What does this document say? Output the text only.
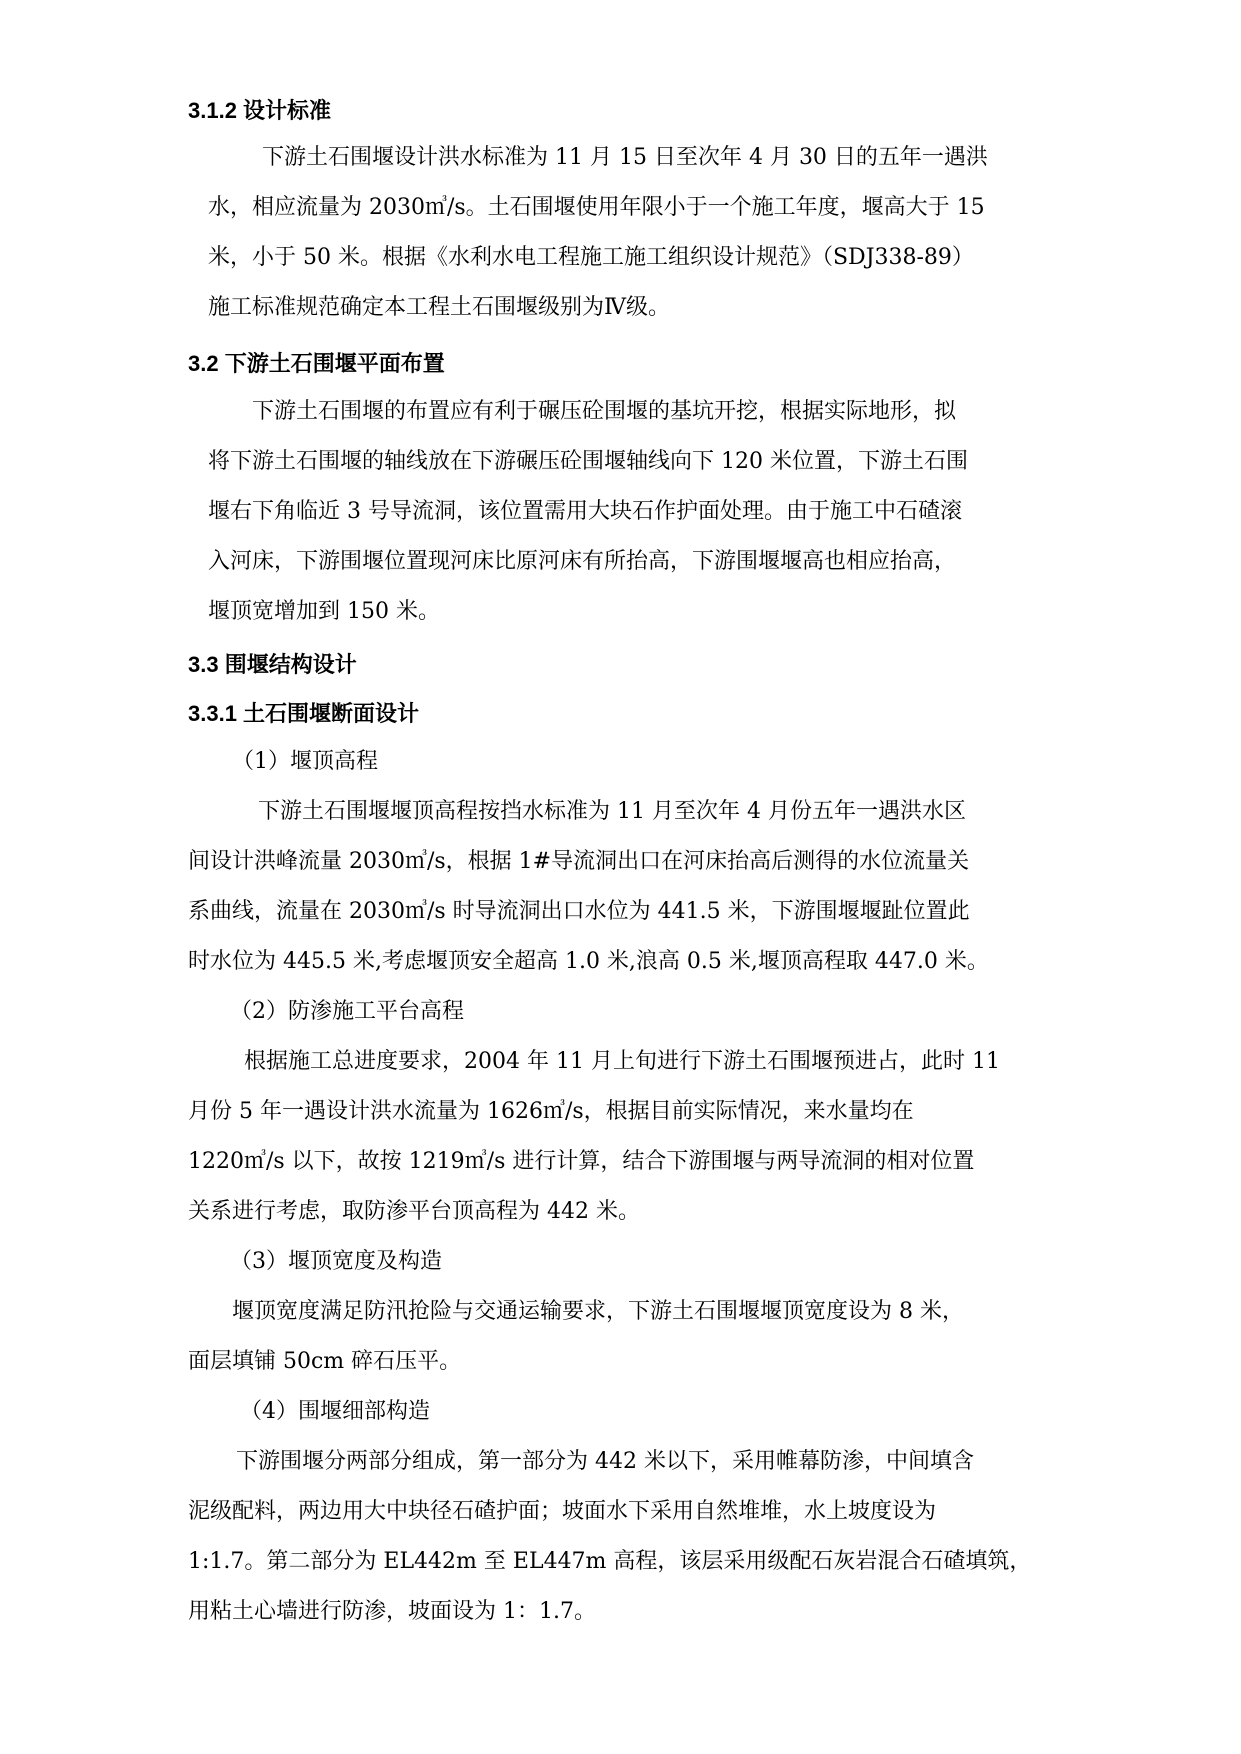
3.1.2 设计标准
下游土石围堰设计洪水标准为 11 月 15 日至次年 4 月 30 日的五年一遇洪
水，相应流量为 2030㎥/s。土石围堰使用年限小于一个施工年度，堰高大于 15
米，小于 50 米。根据《水利水电工程施工施工组织设计规范》（SDJ338-89）
施工标准规范确定本工程土石围堰级别为Ⅳ级。
3.2 下游土石围堰平面布置
下游土石围堰的布置应有利于碾压砼围堰的基坑开挖，根据实际地形，拟
将下游土石围堰的轴线放在下游碾压砼围堰轴线向下 120 米位置，下游土石围
堰右下角临近 3 号导流洞，该位置需用大块石作护面处理。由于施工中石碴滚
入河床，下游围堰位置现河床比原河床有所抬高，下游围堰堰高也相应抬高，
堰顶宽增加到 150 米。
3.3 围堰结构设计
3.3.1 土石围堰断面设计
（1）堰顶高程
下游土石围堰堰顶高程按挡水标准为 11 月至次年 4 月份五年一遇洪水区
间设计洪峰流量 2030㎥/s，根据 1#导流洞出口在河床抬高后测得的水位流量关
系曲线，流量在 2030㎥/s 时导流洞出口水位为 441.5 米，下游围堰堰趾位置此
时水位为 445.5 米,考虑堰顶安全超高 1.0 米,浪高 0.5 米,堰顶高程取 447.0 米。
（2）防渗施工平台高程
根据施工总进度要求，2004 年 11 月上旬进行下游土石围堰预进占，此时 11
月份 5 年一遇设计洪水流量为 1626㎥/s，根据目前实际情况，来水量均在
1220㎥/s 以下，故按 1219㎥/s 进行计算，结合下游围堰与两导流洞的相对位置
关系进行考虑，取防渗平台顶高程为 442 米。
（3）堰顶宽度及构造
堰顶宽度满足防汛抢险与交通运输要求，下游土石围堰堰顶宽度设为 8 米，
面层填铺 50cm 碎石压平。
（4）围堰细部构造
下游围堰分两部分组成，第一部分为 442 米以下，采用帷幕防渗，中间填含
泥级配料，两边用大中块径石碴护面；坡面水下采用自然堆堆，水上坡度设为
1:1.7。第二部分为 EL442m 至 EL447m 高程，该层采用级配石灰岩混合石碴填筑，
用粘土心墙进行防渗，坡面设为 1：1.7。
